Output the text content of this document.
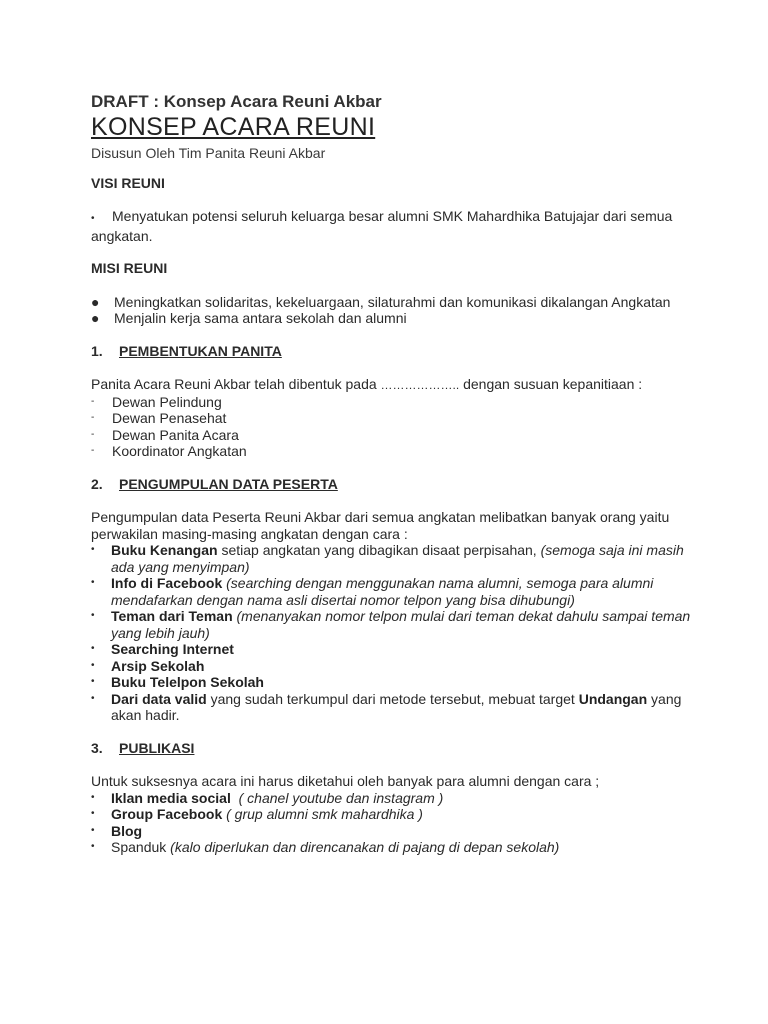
DRAFT : Konsep Acara Reuni Akbar

KONSEP ACARA REUNI

Disusun Oleh Tim Panita Reuni Akbar

VISI REUNI

• Menyatukan potensi seluruh keluarga besar alumni SMK Mahardhika Batujajar dari semua angkatan.

MISI REUNI

●	Meningkatkan solidaritas, kekeluargaan, silaturahmi dan komunikasi dikalangan Angkatan
●	Menjalin kerja sama antara sekolah dan alumni

1. PEMBENTUKAN PANITA

Panita Acara Reuni Akbar telah dibentuk pada ……………….. dengan susuan kepanitiaan :

-	Dewan Pelindung
-	Dewan Penasehat
-	Dewan Panita Acara
-	Koordinator Angkatan

2. PENGUMPULAN DATA PESERTA

Pengumpulan data Peserta Reuni Akbar dari semua angkatan melibatkan banyak orang yaitu perwakilan masing-masing angkatan dengan cara :

•	Buku Kenangan setiap angkatan yang dibagikan disaat perpisahan, (semoga saja ini masih ada yang menyimpan)
•	Info di Facebook (searching dengan menggunakan nama alumni, semoga para alumni mendafarkan dengan nama asli disertai nomor telpon yang bisa dihubungi)
•	Teman dari Teman (menanyakan nomor telpon mulai dari teman dekat dahulu sampai teman yang lebih jauh)
•	Searching Internet
•	Arsip Sekolah
•	Buku Telelpon Sekolah
•	Dari data valid yang sudah terkumpul dari metode tersebut, mebuat target Undangan yang akan hadir.

3. PUBLIKASI

Untuk suksesnya acara ini harus diketahui oleh banyak para alumni dengan cara ;

•	Iklan media social ( chanel youtube dan instagram )
•	Group Facebook ( grup alumni smk mahardhika )
•	Blog
•	Spanduk (kalo diperlukan dan direncanakan di pajang di depan sekolah)
